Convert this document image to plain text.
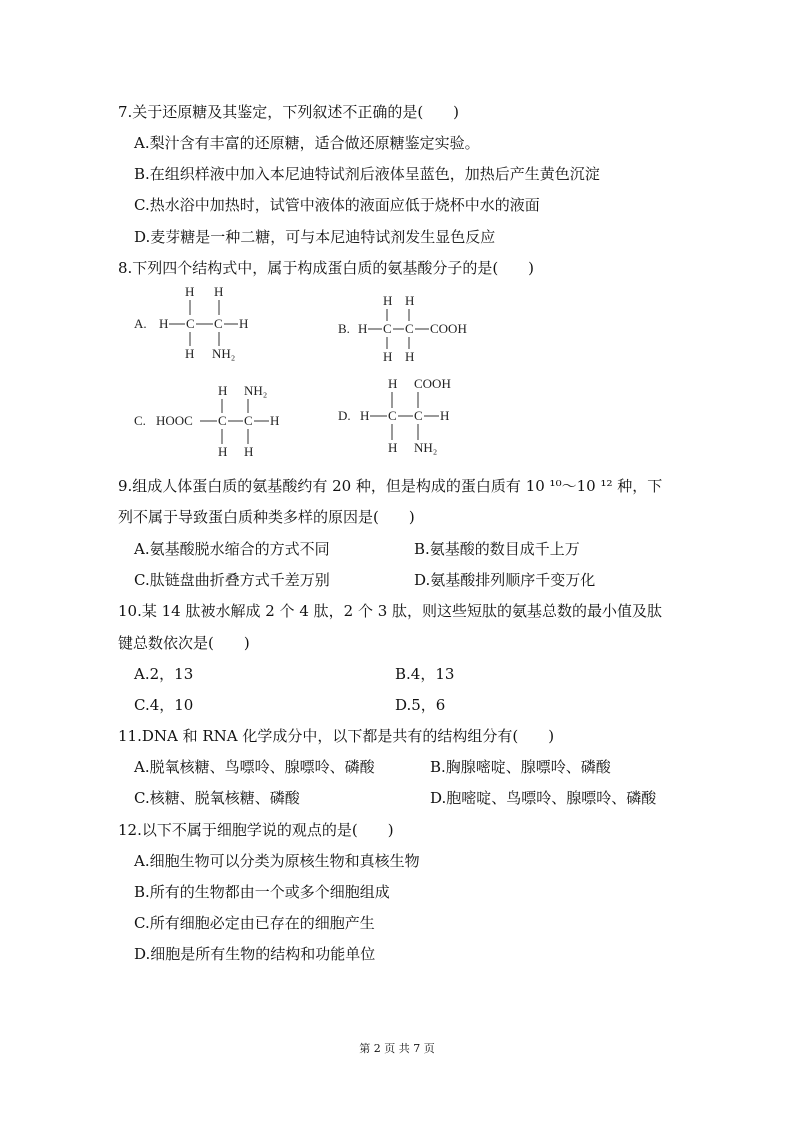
7.关于还原糖及其鉴定，下列叙述不正确的是(　　)
A.梨汁含有丰富的还原糖，适合做还原糖鉴定实验。
B.在组织样液中加入本尼迪特试剂后液体呈蓝色，加热后产生黄色沉淀
C.热水浴中加热时，试管中液体的液面应低于烧杯中水的液面
D.麦芽糖是一种二糖，可与本尼迪特试剂发生显色反应
8.下列四个结构式中，属于构成蛋白质的氨基酸分子的是(　　)
A.
H H
H C C H
H NH₂
B.
H H
H C C COOH
H H
C.
H NH₂
HOOC C C H
H H
D.
H COOH
H C C H
H NH₂
9.组成人体蛋白质的氨基酸约有 20 种，但是构成的蛋白质有 10 ¹⁰～10 ¹² 种，下
列不属于导致蛋白质种类多样的原因是(　　)
A.氨基酸脱水缩合的方式不同	B.氨基酸的数目成千上万
C.肽链盘曲折叠方式千差万别	D.氨基酸排列顺序千变万化
10.某 14 肽被水解成 2 个 4 肽，2 个 3 肽，则这些短肽的氨基总数的最小值及肽
键总数依次是(　　)
A.2，13	B.4，13
C.4，10	D.5，6
11.DNA 和 RNA 化学成分中，以下都是共有的结构组分有(　　)
A.脱氧核糖、鸟嘌呤、腺嘌呤、磷酸	B.胸腺嘧啶、腺嘌呤、磷酸
C.核糖、脱氧核糖、磷酸	D.胞嘧啶、鸟嘌呤、腺嘌呤、磷酸
12.以下不属于细胞学说的观点的是(　　)
A.细胞生物可以分类为原核生物和真核生物
B.所有的生物都由一个或多个细胞组成
C.所有细胞必定由已存在的细胞产生
D.细胞是所有生物的结构和功能单位
第 2 页 共 7 页
